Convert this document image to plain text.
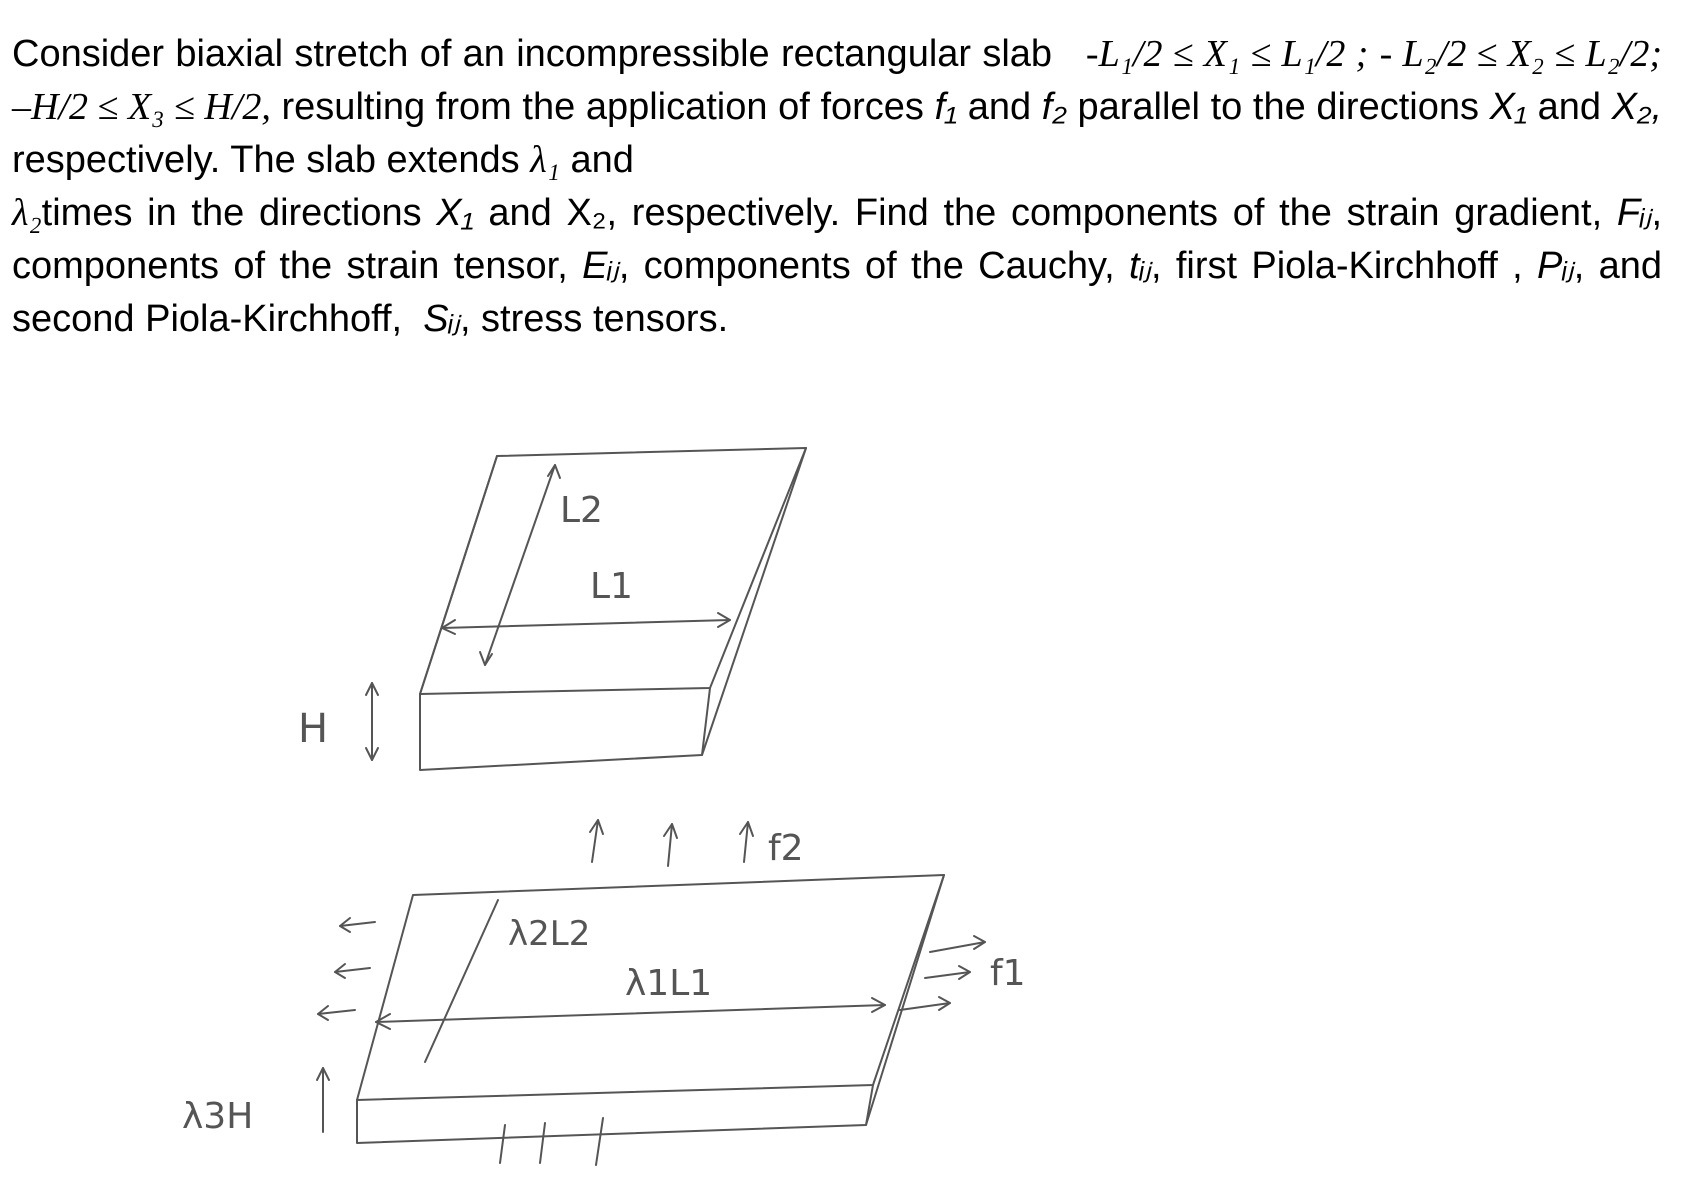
Consider biaxial stretch of an incompressible rectangular slab -L₁/2 ≤ X₁ ≤ L₁/2 ; - L₂/2 ≤ X₂ ≤ L₂/2; –H/2 ≤ X₃ ≤ H/2, resulting from the application of forces f₁ and f₂ parallel to the directions X₁ and X₂, respectively. The slab extends λ₁ and
λ₂times in the directions X₁ and X₂, respectively. Find the components of the strain gradient, Fᵢⱼ, components of the strain tensor, Eᵢⱼ, components of the Cauchy, tᵢⱼ, first Piola-Kirchhoff , Pᵢⱼ, and second Piola-Kirchhoff, Sᵢⱼ, stress tensors.
L2
L1
H
f2
λ2L2
λ1L1	f1
λ3H
